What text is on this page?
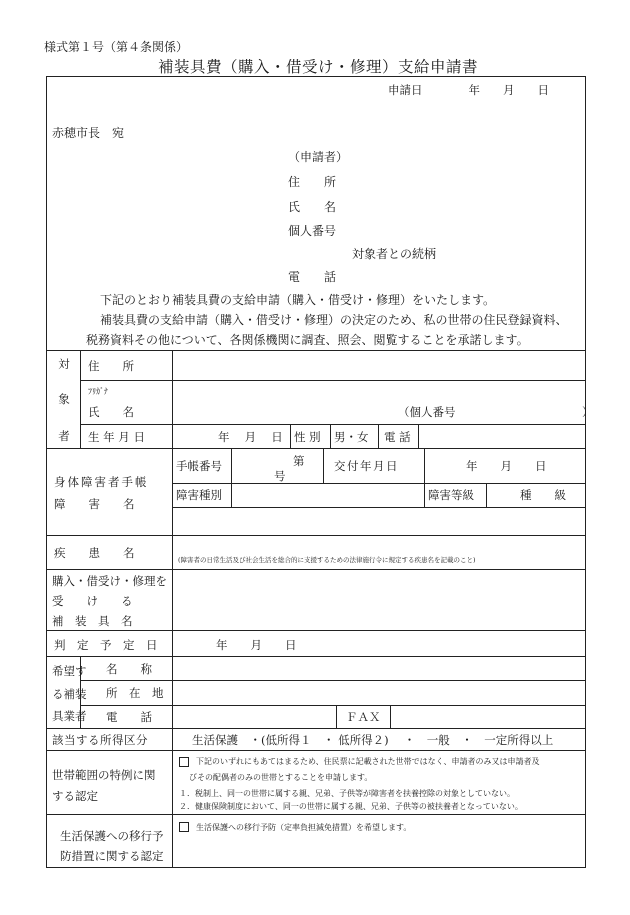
様式第１号（第４条関係）
補装具費（購入・借受け・修理）支給申請書
申請日　　　　年　　月　　日
赤穂市長　宛
（申請者）
住　　所
氏　　名
個人番号
対象者との続柄
電　　話
下記のとおり補装具費の支給申請（購入・借受け・修理）をいたします。
補装具費の支給申請（購入・借受け・修理）の決定のため、私の世帯の住民登録資料、
税務資料その他について、各関係機関に調査、照会、閲覧することを承諾します。
対
象
者
住　　所
ﾌﾘｶﾞﾅ
氏　　名	（個人番号　　　　　　　　　　　）
生 年 月 日	年　 月　 日 性 別 男・女 電 話
身体障害者手帳
障　　害　　名
手帳番号	第
号
交付年月日	年　　月　　日
障害種別	障害等級	種　　級
疾　　患　　名	(障害者の日常生活及び社会生活を総合的に支援するための法律施行令に規定する疾患名を記載のこと)
購入・借受け・修理を
受　　け　　る
補　装　具　名
判　定　予　定　日	年　　月　　日
希望す
る補装
具業者
名　　称
所　在　地
電　　話	ＦＡＸ
該当する所得区分	生活保護　・(低所得１　・ 低所得２)　 ・　一般　・　一定所得以上
世帯範囲の特例に関
する認定
下記のいずれにもあてはまるため、住民票に記載された世帯ではなく、申請者のみ又は申請者及
びその配偶者のみの世帯とすることを申請します。
１．税制上、同一の世帯に属する親、兄弟、子供等が障害者を扶養控除の対象としていない。
２．健康保険制度において、同一の世帯に属する親、兄弟、子供等の被扶養者となっていない。
生活保護への移行予
防措置に関する認定
生活保護への移行予防（定率負担減免措置）を希望します。
